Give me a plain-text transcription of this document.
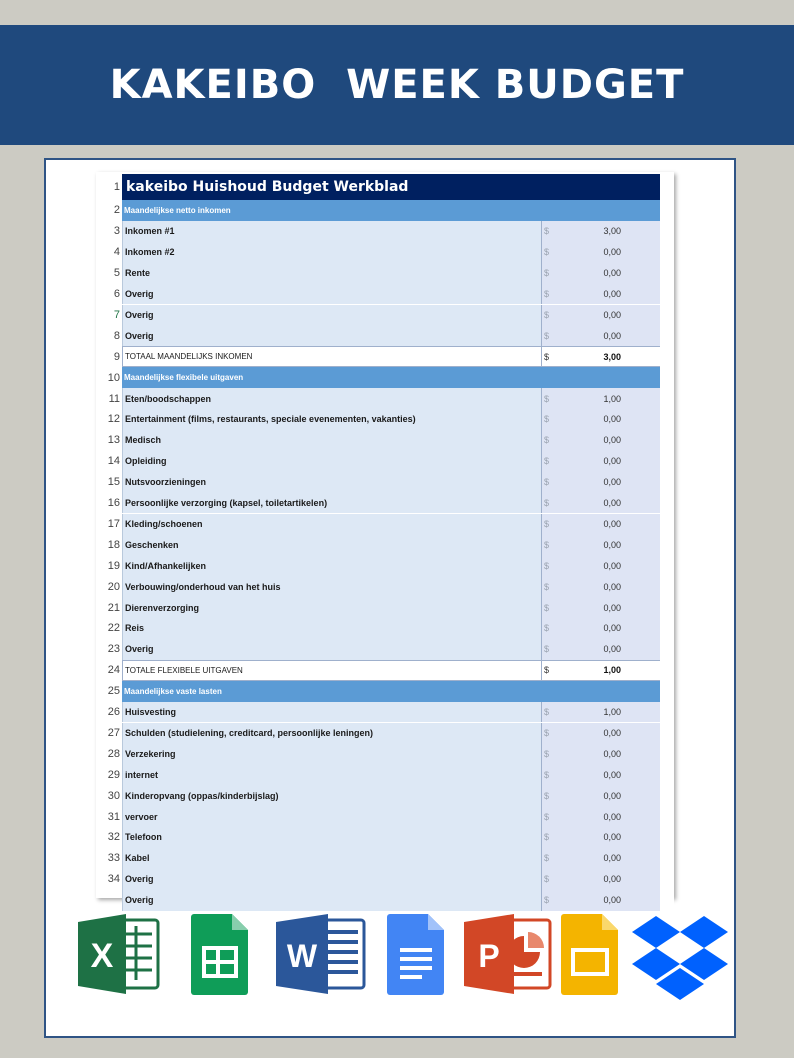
KAKEIBO  WEEK BUDGET
1 kakeibo Huishoud Budget Werkblad
2 Maandelijkse netto inkomen
3 Inkomen #1	$	3,00
4 Inkomen #2	$	0,00
5 Rente	$	0,00
6 Overig	$	0,00
7 Overig	$	0,00
8 Overig	$	0,00
9 TOTAAL MAANDELIJKS INKOMEN	$	3,00
10 Maandelijkse flexibele uitgaven
11 Eten/boodschappen	$	1,00
12 Entertainment (films, restaurants, speciale evenementen, vakanties)	$	0,00
13 Medisch	$	0,00
14 Opleiding	$	0,00
15 Nutsvoorzieningen	$	0,00
16 Persoonlijke verzorging (kapsel, toiletartikelen)	$	0,00
17 Kleding/schoenen	$	0,00
18 Geschenken	$	0,00
19 Kind/Afhankelijken	$	0,00
20 Verbouwing/onderhoud van het huis	$	0,00
21 Dierenverzorging	$	0,00
22 Reis	$	0,00
23 Overig	$	0,00
24 TOTALE FLEXIBELE UITGAVEN	$	1,00
25 Maandelijkse vaste lasten
26 Huisvesting	$	1,00
27 Schulden (studielening, creditcard, persoonlijke leningen)	$	0,00
28 Verzekering	$	0,00
29 internet	$	0,00
30 Kinderopvang (oppas/kinderbijslag)	$	0,00
31 vervoer	$	0,00
32 Telefoon	$	0,00
33 Kabel	$	0,00
34 Overig	$	0,00
Overig	$	0,00
X	W	P
